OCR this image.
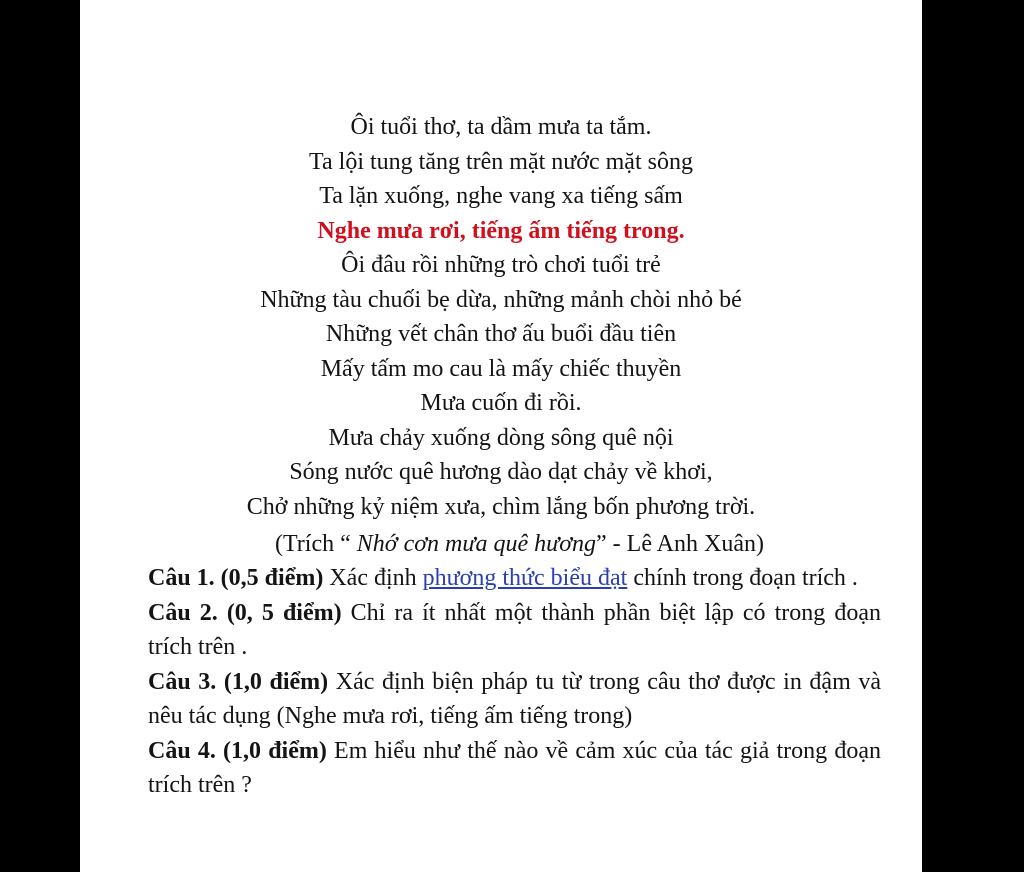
Ôi tuổi thơ, ta dầm mưa ta tắm.
Ta lội tung tăng trên mặt nước mặt sông
Ta lặn xuống, nghe vang xa tiếng sấm
Nghe mưa rơi, tiếng ấm tiếng trong.
Ôi đâu rồi những trò chơi tuổi trẻ
Những tàu chuối bẹ dừa, những mảnh chòi nhỏ bé
Những vết chân thơ ấu buổi đầu tiên
Mấy tấm mo cau là mấy chiếc thuyền
Mưa cuốn đi rồi.
Mưa chảy xuống dòng sông quê nội
Sóng nước quê hương dào dạt chảy về khơi,
Chở những kỷ niệm xưa, chìm lắng bốn phương trời.
(Trích “ Nhớ cơn mưa quê hương” - Lê Anh Xuân)

Câu 1. (0,5 điểm) Xác định phương thức biểu đạt chính trong đoạn trích .

Câu 2. (0, 5 điểm) Chỉ ra ít nhất một thành phần biệt lập có trong đoạn trích trên .

Câu 3. (1,0 điểm) Xác định biện pháp tu từ trong câu thơ được in đậm và nêu tác dụng (Nghe mưa rơi, tiếng ấm tiếng trong)

Câu 4. (1,0 điểm) Em hiểu như thế nào về cảm xúc của tác giả trong đoạn trích trên ?
